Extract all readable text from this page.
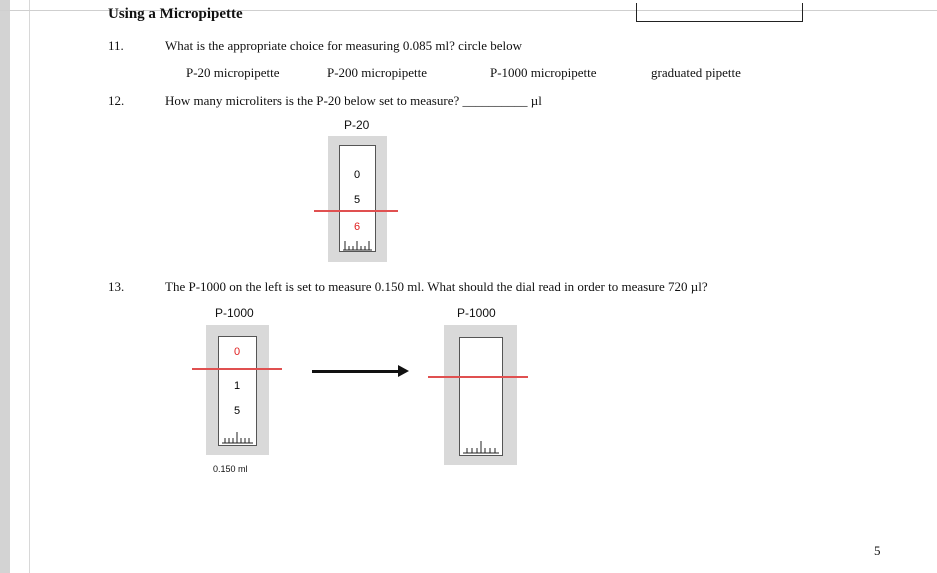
Using a Micropipette
11.	What is the appropriate choice for measuring 0.085 ml? circle below
P-20 micropipette	P-200 micropipette	P-1000 micropipette	graduated pipette
12.	How many microliters is the P-20 below set to measure? __________ µl
P-20
0
5
6
13.	The P-1000 on the left is set to measure 0.150 ml. What should the dial read in order to measure 720 µl?
P-1000
0
1
5
0.150 ml
P-1000
5
